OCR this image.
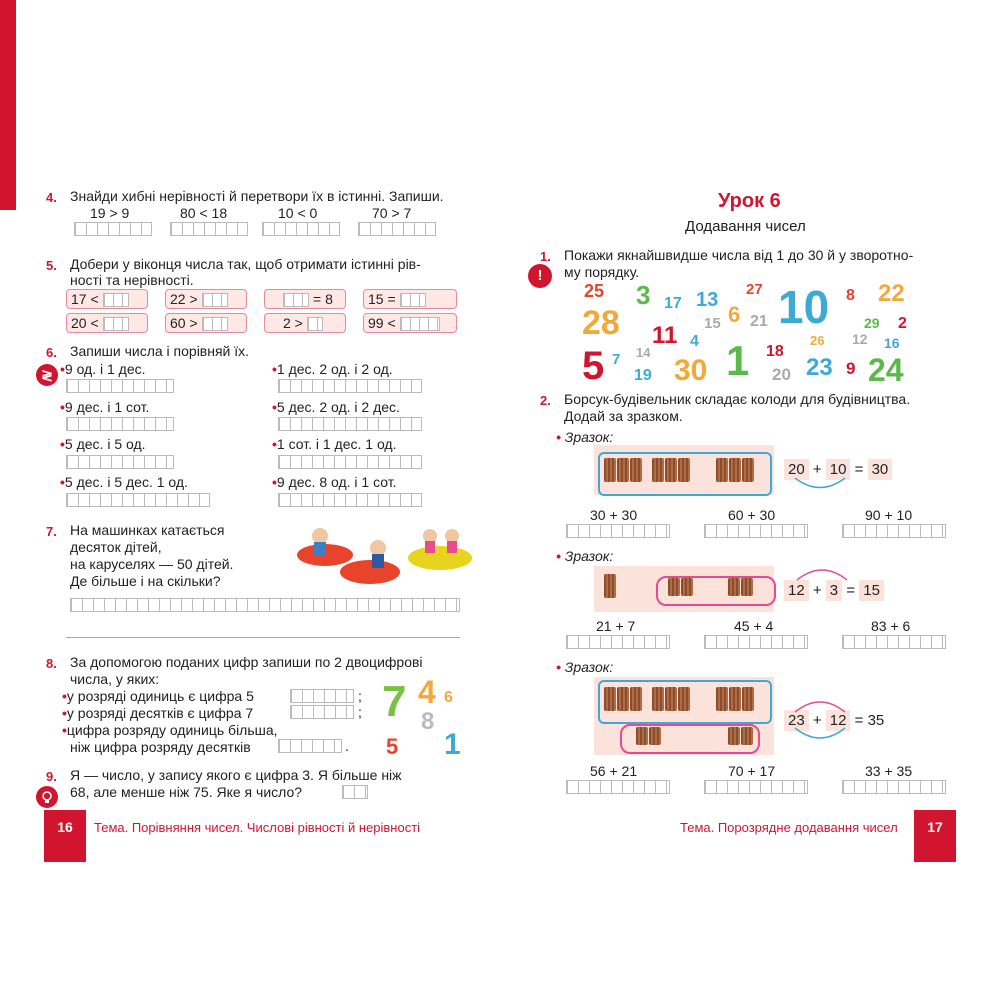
4. Знайди хибні нерівності й перетвори їх в істинні. Запиши.
19 > 9	80 < 18	10 < 0	70 > 7
5. Добери у віконця числа так, щоб отримати істинні рів-
ності та нерівності.
17 <	22 >	= 8	15 =
20 <	60 >	2 >	99 <
6. Запиши числа і порівняй їх.
≷ •9 од. і 1 дес.	•1 дес. 2 од. і 2 од.
•9 дес. і 1 сот.	•5 дес. 2 од. і 2 дес.
•5 дес. і 5 од.	•1 сот. і 1 дес. 1 од.
•5 дес. і 5 дес. 1 од.	•9 дес. 8 од. і 1 сот.
7. На машинках катається
десяток дітей,
на каруселях — 50 дітей.
Де більше і на скільки?
8. За допомогою поданих цифр запиши по 2 двоцифрові
числа, у яких:
•у розряді одиниць є цифра 5	;
•у розряді десятків є цифра 7	;
•цифра розряду одиниць більша,
ніж цифра розряду десятків	.
7 4 6
8
5 1
9. Я — число, у запису якого є цифра 3. Я більше ніж
68, але менше ніж 75. Яке я число?
16	Тема. Порівняння чисел. Числові рівності й нерівності
Урок 6
Додавання чисел
1. Покажи якнайшвидше числа від 1 до 30 й у зворотно-
му порядку.
!
25 3 17 13
6
27 10 8 22
28 11 15 21	29 2
4	12 16
5 7 14 1 18
26
19 30	20 23 9 24
2. Борсук-будівельник складає колоди для будівництва.
Додай за зразком.
• Зразок:
20 + 10 = 30
30 + 30	60 + 30	90 + 10
• Зразок:
12 + 3 = 15
21 + 7	45 + 4	83 + 6
• Зразок:
23 + 12 = 35
56 + 21	70 + 17	33 + 35
Тема. Порозрядне додавання чисел	17
